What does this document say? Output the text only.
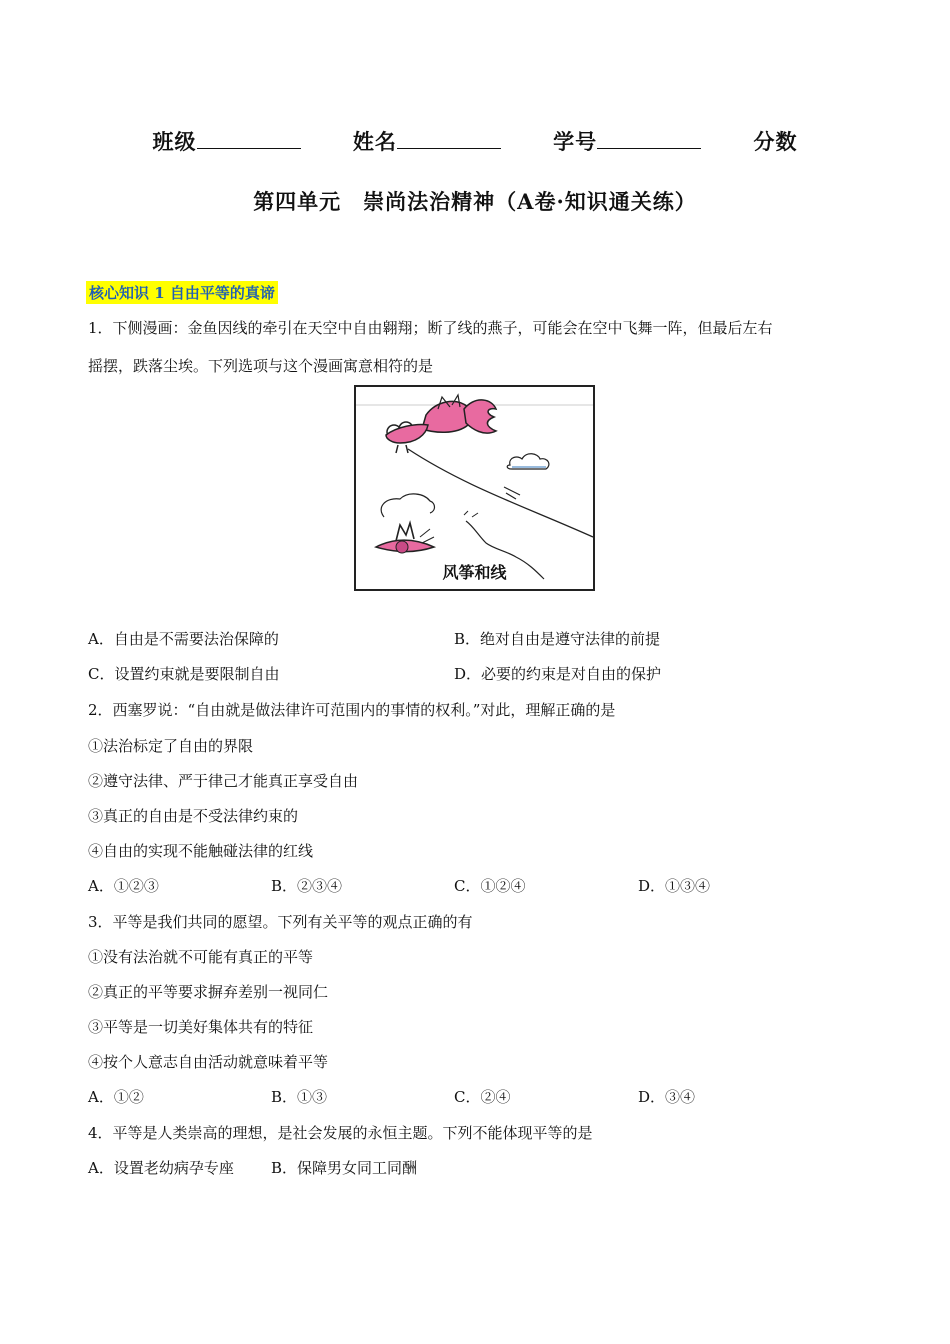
班级	姓名	学号	分数
第四单元　崇尚法治精神（A卷·知识通关练）
核心知识 1 自由平等的真谛
1．下侧漫画：金鱼因线的牵引在天空中自由翱翔；断了线的燕子，可能会在空中飞舞一阵，但最后左右
摇摆，跌落尘埃。下列选项与这个漫画寓意相符的是
风筝和线
A．自由是不需要法治保障的	B．绝对自由是遵守法律的前提
C．设置约束就是要限制自由	D．必要的约束是对自由的保护
2．西塞罗说：“自由就是做法律许可范围内的事情的权利。”对此，理解正确的是
①法治标定了自由的界限
②遵守法律、严于律己才能真正享受自由
③真正的自由是不受法律约束的
④自由的实现不能触碰法律的红线
A．①②③	B．②③④	C．①②④	D．①③④
3．平等是我们共同的愿望。下列有关平等的观点正确的有
①没有法治就不可能有真正的平等
②真正的平等要求摒弃差别一视同仁
③平等是一切美好集体共有的特征
④按个人意志自由活动就意味着平等
A．①②	B．①③	C．②④	D．③④
4．平等是人类崇高的理想，是社会发展的永恒主题。下列不能体现平等的是
A．设置老幼病孕专座 B．保障男女同工同酬
